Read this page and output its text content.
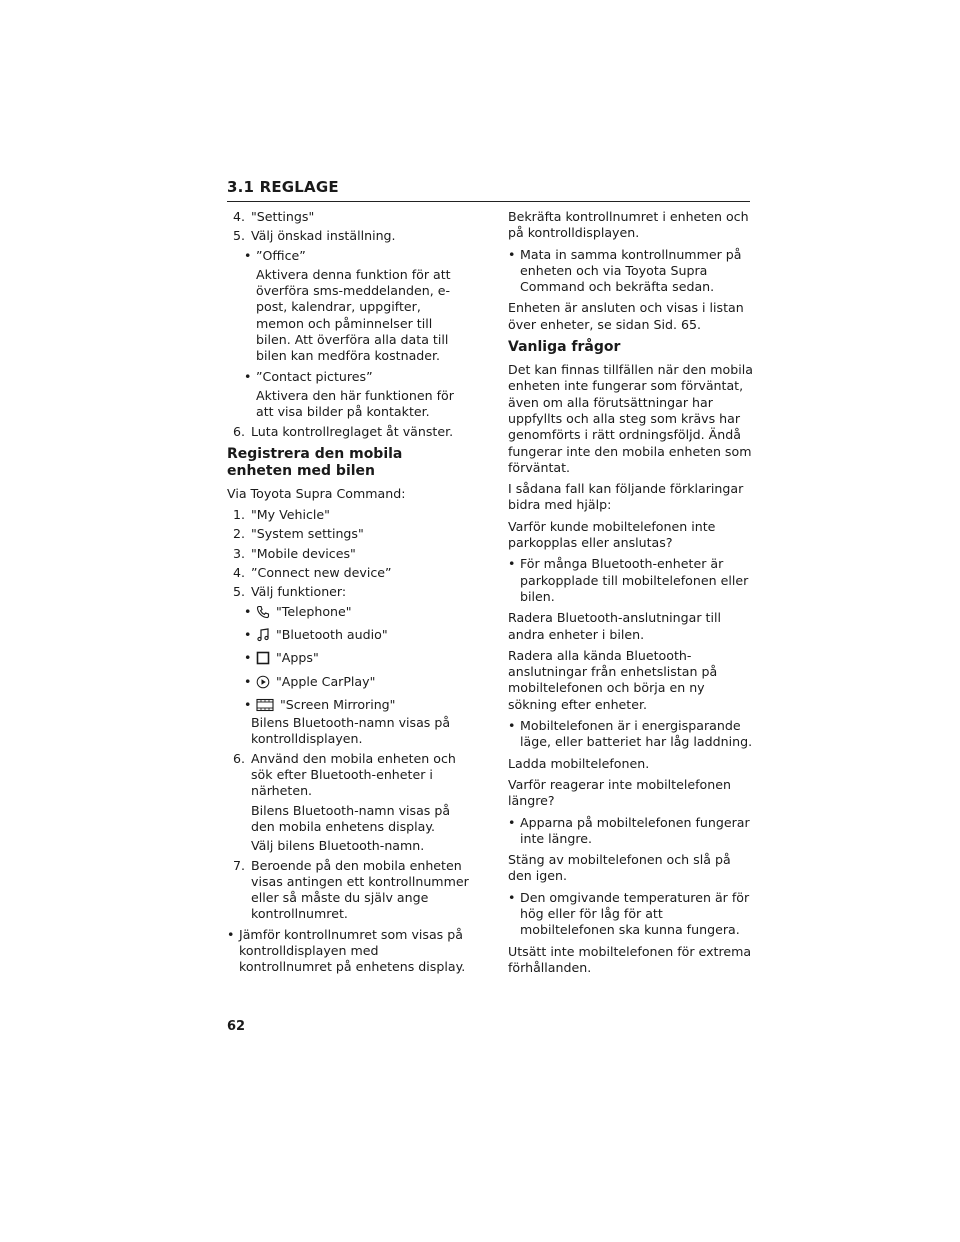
3.1 REGLAGE
4. "Settings"
5. Välj önskad inställning.
• ”Office”
Aktivera denna funktion för att överföra sms-meddelanden, e-post, kalendrar, uppgifter, memon och påminnelser till bilen. Att överföra alla data till bilen kan medföra kostnader.
• ”Contact pictures”
Aktivera den här funktionen för att visa bilder på kontakter.
6. Luta kontrollreglaget åt vänster.
Registrera den mobila enheten med bilen
Via Toyota Supra Command:
1. "My Vehicle"
2. "System settings"
3. "Mobile devices"
4. ”Connect new device”
5. Välj funktioner:
• "Telephone"
• "Bluetooth audio"
• "Apps"
• "Apple CarPlay"
• "Screen Mirroring"
Bilens Bluetooth-namn visas på kontrolldisplayen.
6. Använd den mobila enheten och sök efter Bluetooth-enheter i närheten.
Bilens Bluetooth-namn visas på den mobila enhetens display.
Välj bilens Bluetooth-namn.
7. Beroende på den mobila enheten visas antingen ett kontrollnummer eller så måste du själv ange kontrollnumret.
• Jämför kontrollnumret som visas på kontrolldisplayen med kontrollnumret på enhetens display.
Bekräfta kontrollnumret i enheten och på kontrolldisplayen.
• Mata in samma kontrollnummer på enheten och via Toyota Supra Command och bekräfta sedan.
Enheten är ansluten och visas i listan över enheter, se sidan Sid. 65.
Vanliga frågor
Det kan finnas tillfällen när den mobila enheten inte fungerar som förväntat, även om alla förutsättningar har uppfyllts och alla steg som krävs har genomförts i rätt ordningsföljd. Ändå fungerar inte den mobila enheten som förväntat.
I sådana fall kan följande förklaringar bidra med hjälp:
Varför kunde mobiltelefonen inte parkopplas eller anslutas?
• För många Bluetooth-enheter är parkopplade till mobiltelefonen eller bilen.
Radera Bluetooth-anslutningar till andra enheter i bilen.
Radera alla kända Bluetooth-anslutningar från enhetslistan på mobiltelefonen och börja en ny sökning efter enheter.
• Mobiltelefonen är i energisparande läge, eller batteriet har låg laddning.
Ladda mobiltelefonen.
Varför reagerar inte mobiltelefonen längre?
• Apparna på mobiltelefonen fungerar inte längre.
Stäng av mobiltelefonen och slå på den igen.
• Den omgivande temperaturen är för hög eller för låg för att mobiltelefonen ska kunna fungera.
Utsätt inte mobiltelefonen för extrema förhållanden.
62
